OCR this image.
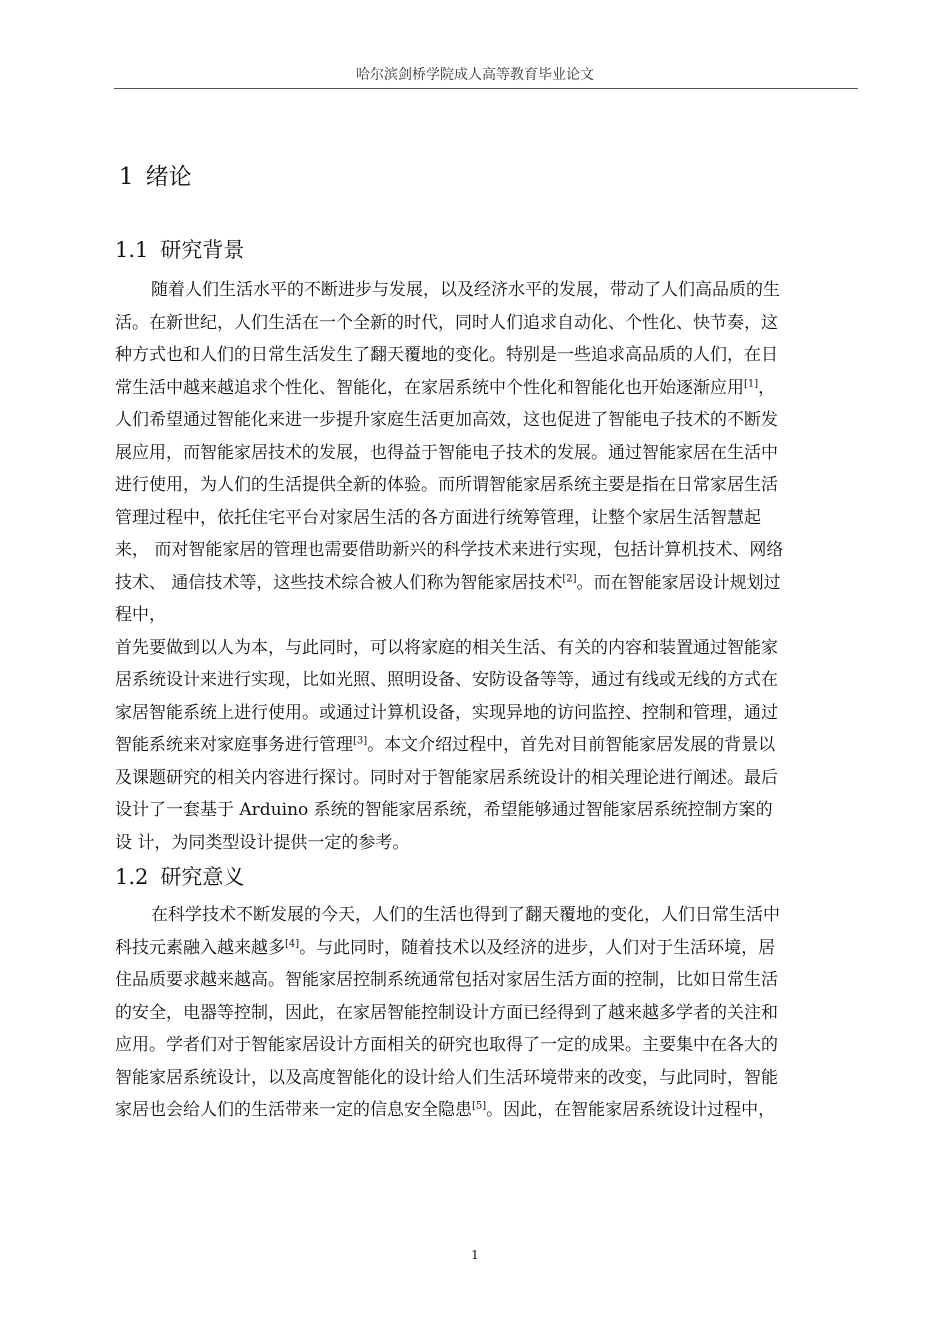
哈尔滨剑桥学院成人高等教育毕业论文
1 绪论
1.1 研究背景
随着人们生活水平的不断进步与发展，以及经济水平的发展，带动了人们高品质的生
活。在新世纪，人们生活在一个全新的时代，同时人们追求自动化、个性化、快节奏，这
种方式也和人们的日常生活发生了翻天覆地的变化。特别是一些追求高品质的人们，在日
常生活中越来越追求个性化、智能化，在家居系统中个性化和智能化也开始逐渐应用[1]，
人们希望通过智能化来进一步提升家庭生活更加高效，这也促进了智能电子技术的不断发
展应用，而智能家居技术的发展，也得益于智能电子技术的发展。通过智能家居在生活中
进行使用，为人们的生活提供全新的体验。而所谓智能家居系统主要是指在日常家居生活
管理过程中，依托住宅平台对家居生活的各方面进行统筹管理，让整个家居生活智慧起
来， 而对智能家居的管理也需要借助新兴的科学技术来进行实现，包括计算机技术、网络
技术、 通信技术等，这些技术综合被人们称为智能家居技术[2]。而在智能家居设计规划过
程中，
首先要做到以人为本，与此同时，可以将家庭的相关生活、有关的内容和装置通过智能家
居系统设计来进行实现，比如光照、照明设备、安防设备等等，通过有线或无线的方式在
家居智能系统上进行使用。或通过计算机设备，实现异地的访问监控、控制和管理，通过
智能系统来对家庭事务进行管理[3]。本文介绍过程中，首先对目前智能家居发展的背景以
及课题研究的相关内容进行探讨。同时对于智能家居系统设计的相关理论进行阐述。最后
设计了一套基于 Arduino 系统的智能家居系统，希望能够通过智能家居系统控制方案的
设 计，为同类型设计提供一定的参考。
1.2 研究意义
在科学技术不断发展的今天，人们的生活也得到了翻天覆地的变化，人们日常生活中
科技元素融入越来越多[4]。与此同时，随着技术以及经济的进步，人们对于生活环境，居
住品质要求越来越高。智能家居控制系统通常包括对家居生活方面的控制，比如日常生活
的安全，电器等控制，因此，在家居智能控制设计方面已经得到了越来越多学者的关注和
应用。学者们对于智能家居设计方面相关的研究也取得了一定的成果。主要集中在各大的
智能家居系统设计，以及高度智能化的设计给人们生活环境带来的改变，与此同时，智能
家居也会给人们的生活带来一定的信息安全隐患[5]。因此，在智能家居系统设计过程中，
1
